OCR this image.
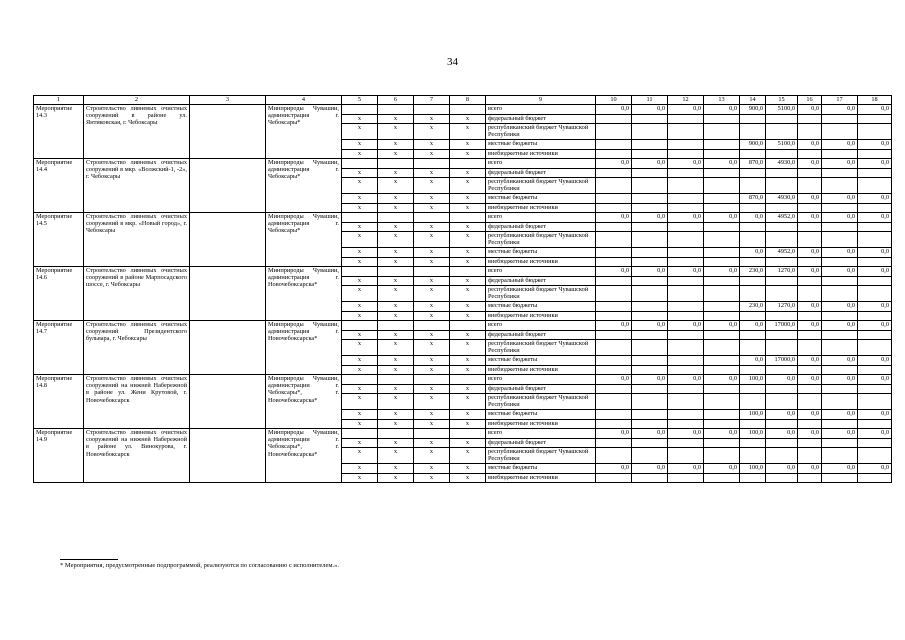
34
1	2	3	4	5	6	7	8	9	10	11	12	13	14	15	16	17	18
Мероприятие 14.3	Строительство ливневых очистных сооружений в районе ул. Янтиковская, г. Чебоксары		Минприроды Чувашии, администрация г. Чебоксары*					всего	0,0	0,0	0,0	0,0	900,0	5100,0	0,0	0,0	0,0
				x	x	x	x	федеральный бюджет									
				x	x	x	x	республиканский бюджет Чувашской Республики									
				x	x	x	x	местные бюджеты					900,0	5100,0	0,0	0,0	0,0
				x	x	x	x	внебюджетные источники									
Мероприятие 14.4	Строительство ливневых очистных сооружений в мкр. «Волжский-1, -2», г. Чебоксары		Минприроды Чувашии, администрация г. Чебоксары*					всего	0,0	0,0	0,0	0,0	870,0	4930,0	0,0	0,0	0,0
				x	x	x	x	федеральный бюджет									
				x	x	x	x	республиканский бюджет Чувашской Республики									
				x	x	x	x	местные бюджеты					870,0	4930,0	0,0	0,0	0,0
				x	x	x	x	внебюджетные источники									
Мероприятие 14.5	Строительство ливневых очистных сооружений в мкр. «Новый город», г. Чебоксары		Минприроды Чувашии, администрация г. Чебоксары*					всего	0,0	0,0	0,0	0,0	0,0	4952,0	0,0	0,0	0,0
				x	x	x	x	федеральный бюджет									
				x	x	x	x	республиканский бюджет Чувашской Республики									
				x	x	x	x	местные бюджеты					0,0	4952,0	0,0	0,0	0,0
				x	x	x	x	внебюджетные источники									
Мероприятие 14.6	Строительство ливневых очистных сооружений в районе Марпосадского шоссе, г. Чебоксары		Минприроды Чувашии, администрация г. Новочебоксарска*					всего	0,0	0,0	0,0	0,0	230,0	1270,0	0,0	0,0	0,0
				x	x	x	x	федеральный бюджет									
				x	x	x	x	республиканский бюджет Чувашской Республики									
				x	x	x	x	местные бюджеты					230,0	1270,0	0,0	0,0	0,0
				x	x	x	x	внебюджетные источники									
Мероприятие 14.7	Строительство ливневых очистных сооружений Президентского бульвара, г. Чебоксары		Минприроды Чувашии, администрация г. Новочебоксарска*					всего	0,0	0,0	0,0	0,0	0,0	17000,0	0,0	0,0	0,0
				x	x	x	x	федеральный бюджет									
				x	x	x	x	республиканский бюджет Чувашской Республики									
				x	x	x	x	местные бюджеты					0,0	17000,0	0,0	0,0	0,0
				x	x	x	x	внебюджетные источники									
Мероприятие 14.8	Строительство ливневых очистных сооружений на нижней Набережной в районе ул. Жени Крутовой, г. Новочебоксарск		Минприроды Чувашии, администрации г. Чебоксары*, г. Новочебоксарска*					всего	0,0	0,0	0,0	0,0	100,0	0,0	0,0	0,0	0,0
				x	x	x	x	федеральный бюджет									
				x	x	x	x	республиканский бюджет Чувашской Республики									
				x	x	x	x	местные бюджеты					100,0	0,0	0,0	0,0	0,0
				x	x	x	x	внебюджетные источники									
Мероприятие 14.9	Строительство ливневых очистных сооружений на нижней Набережной в районе ул. Винокурова, г. Новочебоксарск		Минприроды Чувашии, администрации г. Чебоксары*, г. Новочебоксарска*					всего	0,0	0,0	0,0	0,0	100,0	0,0	0,0	0,0	0,0
				x	x	x	x	федеральный бюджет									
				x	x	x	x	республиканский бюджет Чувашской Республики									
				x	x	x	x	местные бюджеты	0,0	0,0	0,0	0,0	100,0	0,0	0,0	0,0	0,0
				x	x	x	x	внебюджетные источники									
* Мероприятия, предусмотренные подпрограммой, реализуются по согласованию с исполнителем.».
